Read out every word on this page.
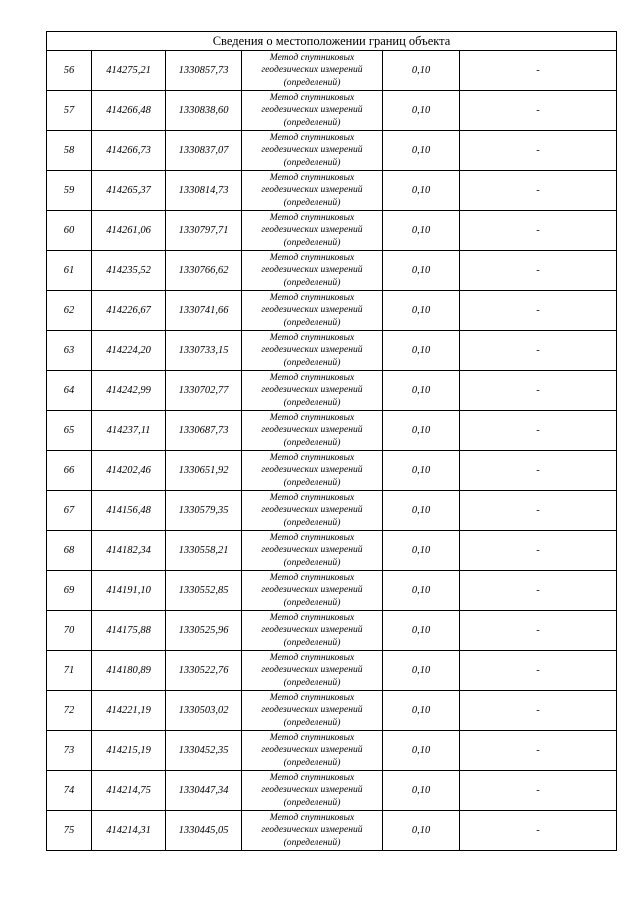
Сведения о местоположении границ объекта					
56	414275,21	1330857,73	Метод спутниковых
геодезических измерений
(определений)	0,10	-
57	414266,48	1330838,60	Метод спутниковых
геодезических измерений
(определений)	0,10	-
58	414266,73	1330837,07	Метод спутниковых
геодезических измерений
(определений)	0,10	-
59	414265,37	1330814,73	Метод спутниковых
геодезических измерений
(определений)	0,10	-
60	414261,06	1330797,71	Метод спутниковых
геодезических измерений
(определений)	0,10	-
61	414235,52	1330766,62	Метод спутниковых
геодезических измерений
(определений)	0,10	-
62	414226,67	1330741,66	Метод спутниковых
геодезических измерений
(определений)	0,10	-
63	414224,20	1330733,15	Метод спутниковых
геодезических измерений
(определений)	0,10	-
64	414242,99	1330702,77	Метод спутниковых
геодезических измерений
(определений)	0,10	-
65	414237,11	1330687,73	Метод спутниковых
геодезических измерений
(определений)	0,10	-
66	414202,46	1330651,92	Метод спутниковых
геодезических измерений
(определений)	0,10	-
67	414156,48	1330579,35	Метод спутниковых
геодезических измерений
(определений)	0,10	-
68	414182,34	1330558,21	Метод спутниковых
геодезических измерений
(определений)	0,10	-
69	414191,10	1330552,85	Метод спутниковых
геодезических измерений
(определений)	0,10	-
70	414175,88	1330525,96	Метод спутниковых
геодезических измерений
(определений)	0,10	-
71	414180,89	1330522,76	Метод спутниковых
геодезических измерений
(определений)	0,10	-
72	414221,19	1330503,02	Метод спутниковых
геодезических измерений
(определений)	0,10	-
73	414215,19	1330452,35	Метод спутниковых
геодезических измерений
(определений)	0,10	-
74	414214,75	1330447,34	Метод спутниковых
геодезических измерений
(определений)	0,10	-
75	414214,31	1330445,05	Метод спутниковых
геодезических измерений
(определений)	0,10	-
